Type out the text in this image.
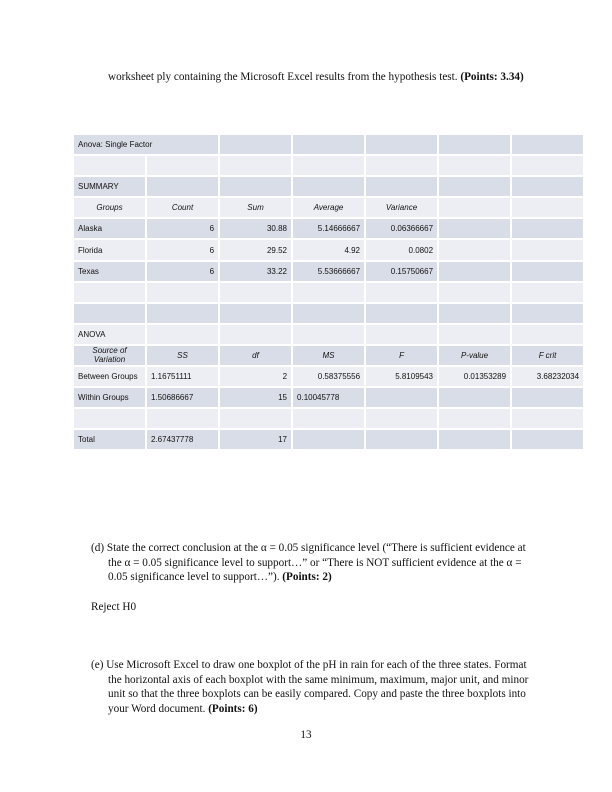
worksheet ply containing the Microsoft Excel results from the hypothesis test. (Points: 3.34)
Anova: Single Factor						

SUMMARY						
Groups	Count	Sum	Average	Variance		
Alaska	6	30.88	5.14666667	0.06366667		
Florida	6	29.52	4.92	0.0802		
Texas	6	33.22	5.53666667	0.15750667		

ANOVA						
Source of Variation	SS	df	MS	F	P-value	F crit
Between Groups	1.16751111	2	0.58375556	5.8109543	0.01353289	3.68232034
Within Groups	1.50686667	15	0.10045778			

Total	2.67437778	17				
(d) State the correct conclusion at the α = 0.05 significance level (“There is sufficient evidence at the α = 0.05 significance level to support…” or “There is NOT sufficient evidence at the α = 0.05 significance level to support…”). (Points: 2)
Reject H0
(e) Use Microsoft Excel to draw one boxplot of the pH in rain for each of the three states. Format the horizontal axis of each boxplot with the same minimum, maximum, major unit, and minor unit so that the three boxplots can be easily compared. Copy and paste the three boxplots into your Word document. (Points: 6)
13
